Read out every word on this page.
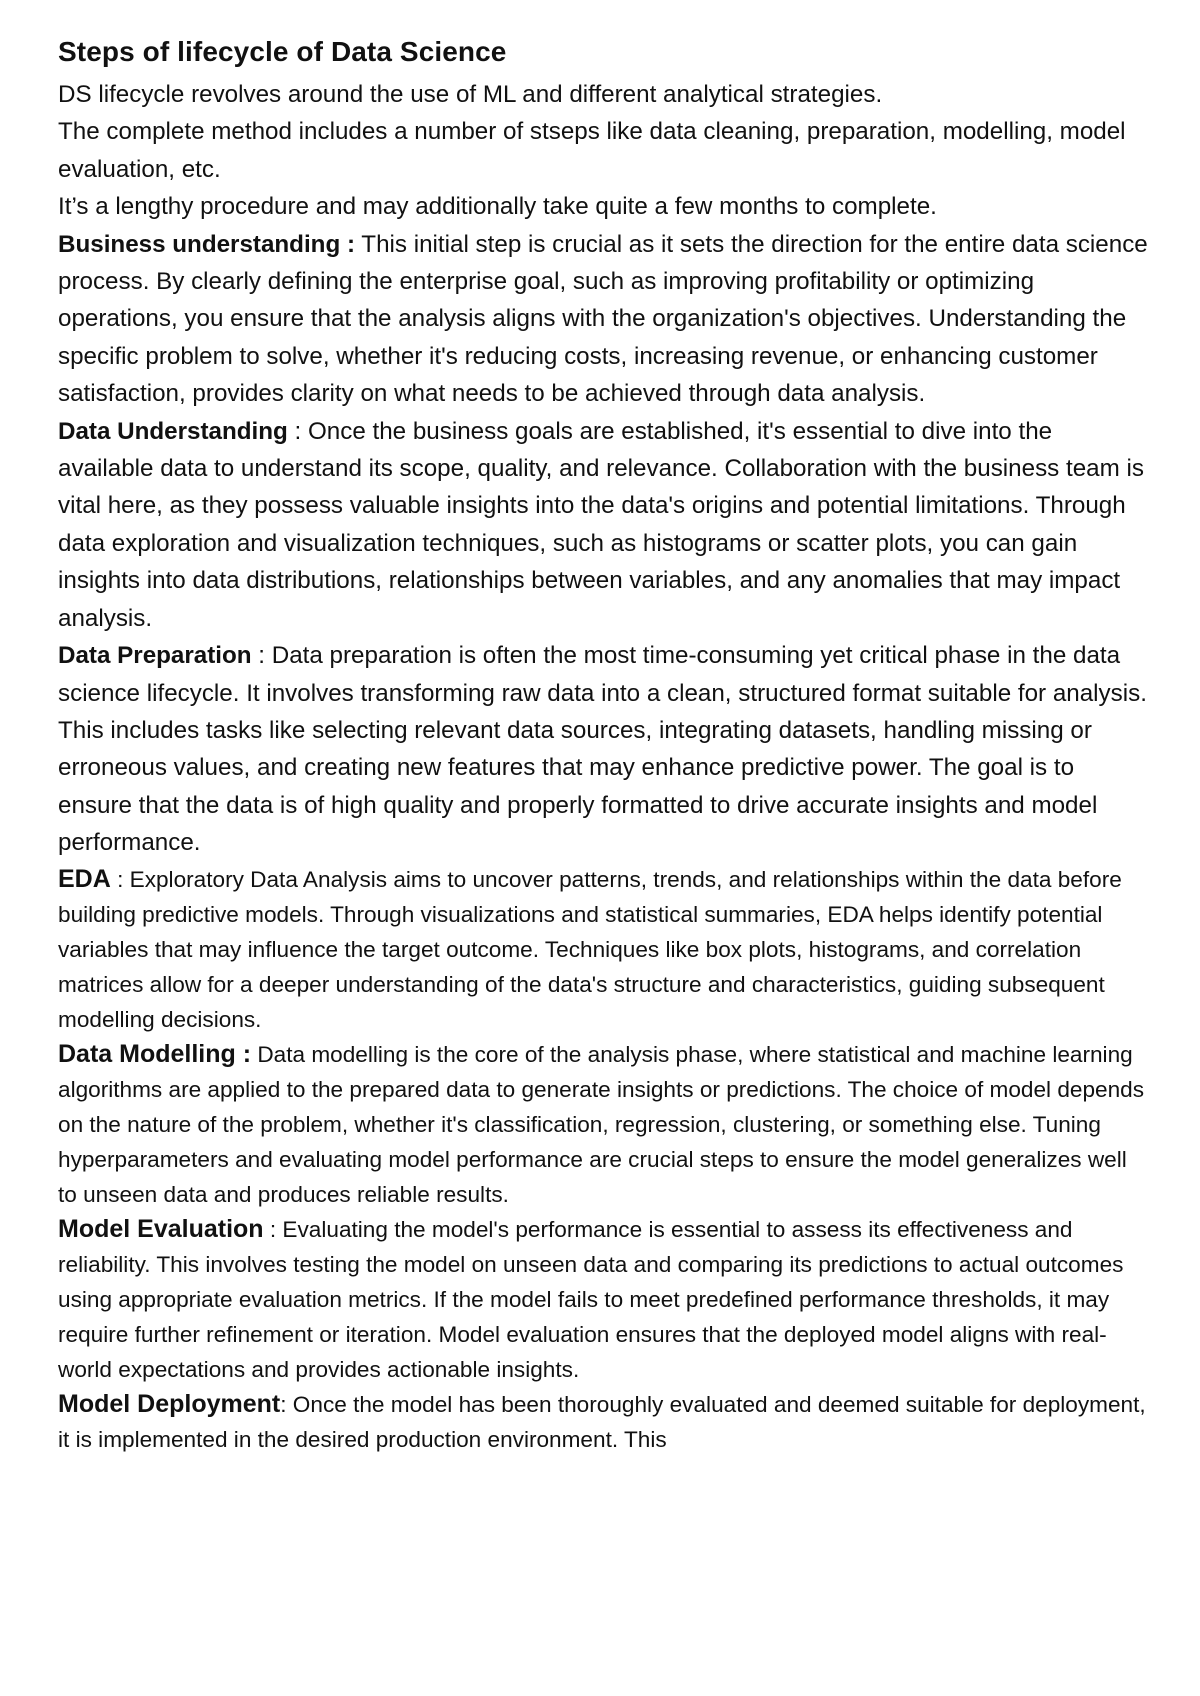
Steps of lifecycle of Data Science

DS lifecycle revolves around the use of ML and different analytical strategies.

The complete method includes a number of stseps like data cleaning, preparation, modelling, model evaluation, etc.

It’s a lengthy procedure and may additionally take quite a few months to complete.

Business understanding : This initial step is crucial as it sets the direction for the entire data science process. By clearly defining the enterprise goal, such as improving profitability or optimizing operations, you ensure that the analysis aligns with the organization's objectives. Understanding the specific problem to solve, whether it's reducing costs, increasing revenue, or enhancing customer satisfaction, provides clarity on what needs to be achieved through data analysis.

Data Understanding : Once the business goals are established, it's essential to dive into the available data to understand its scope, quality, and relevance. Collaboration with the business team is vital here, as they possess valuable insights into the data's origins and potential limitations. Through data exploration and visualization techniques, such as histograms or scatter plots, you can gain insights into data distributions, relationships between variables, and any anomalies that may impact analysis.

Data Preparation : Data preparation is often the most time-consuming yet critical phase in the data science lifecycle. It involves transforming raw data into a clean, structured format suitable for analysis. This includes tasks like selecting relevant data sources, integrating datasets, handling missing or erroneous values, and creating new features that may enhance predictive power. The goal is to ensure that the data is of high quality and properly formatted to drive accurate insights and model performance.

EDA : Exploratory Data Analysis aims to uncover patterns, trends, and relationships within the data before building predictive models. Through visualizations and statistical summaries, EDA helps identify potential variables that may influence the target outcome. Techniques like box plots, histograms, and correlation matrices allow for a deeper understanding of the data's structure and characteristics, guiding subsequent modelling decisions.

Data Modelling : Data modelling is the core of the analysis phase, where statistical and machine learning algorithms are applied to the prepared data to generate insights or predictions. The choice of model depends on the nature of the problem, whether it's classification, regression, clustering, or something else. Tuning hyperparameters and evaluating model performance are crucial steps to ensure the model generalizes well to unseen data and produces reliable results.

Model Evaluation : Evaluating the model's performance is essential to assess its effectiveness and reliability. This involves testing the model on unseen data and comparing its predictions to actual outcomes using appropriate evaluation metrics. If the model fails to meet predefined performance thresholds, it may require further refinement or iteration. Model evaluation ensures that the deployed model aligns with real-world expectations and provides actionable insights.

Model Deployment: Once the model has been thoroughly evaluated and deemed suitable for deployment, it is implemented in the desired production environment. This
